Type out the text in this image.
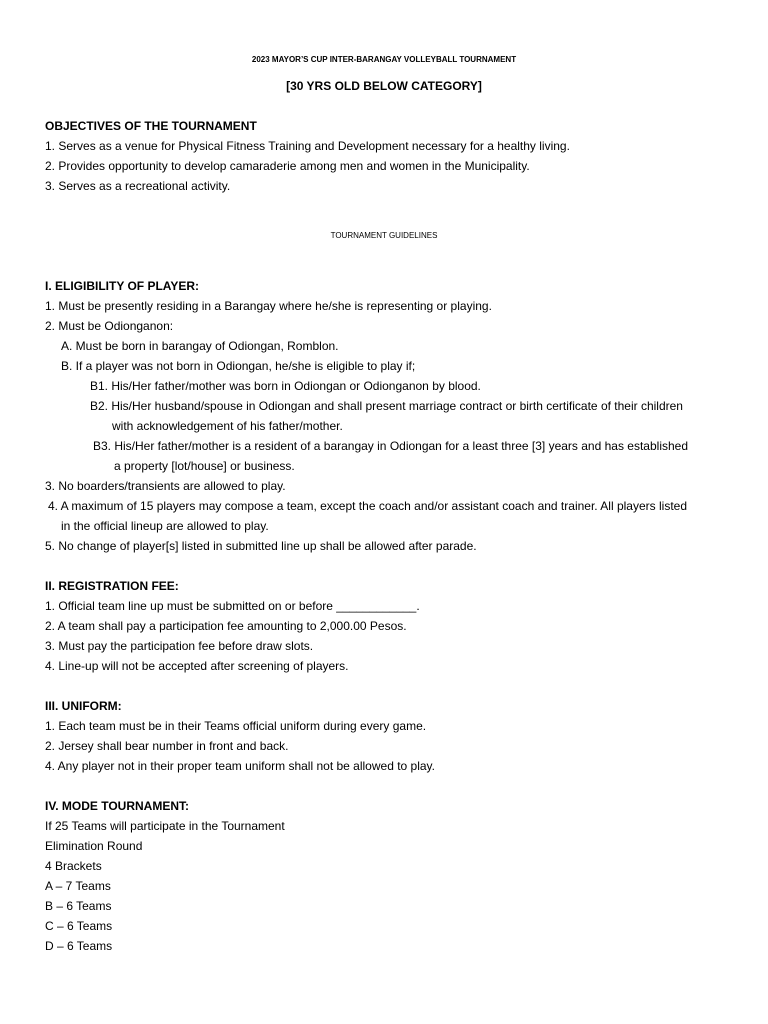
2023 MAYOR’S CUP INTER-BARANGAY VOLLEYBALL TOURNAMENT
[30 YRS OLD BELOW CATEGORY]
OBJECTIVES OF THE TOURNAMENT
1. Serves as a venue for Physical Fitness Training and Development necessary for a healthy living.
2. Provides opportunity to develop camaraderie among men and women in the Municipality.
3. Serves as a recreational activity.
TOURNAMENT GUIDELINES
I. ELIGIBILITY OF PLAYER:
1. Must be presently residing in a Barangay where he/she is representing or playing.
2. Must be Odionganon:
A. Must be born in barangay of Odiongan, Romblon.
B. If a player was not born in Odiongan, he/she is eligible to play if;
B1. His/Her father/mother was born in Odiongan or Odionganon by blood.
B2. His/Her husband/spouse in Odiongan and shall present marriage contract or birth certificate of their children
with acknowledgement of his father/mother.
B3. His/Her father/mother is a resident of a barangay in Odiongan for a least three [3] years and has established
a property [lot/house] or business.
3. No boarders/transients are allowed to play.
4. A maximum of 15 players may compose a team, except the coach and/or assistant coach and trainer. All players listed
in the official lineup are allowed to play.
5. No change of player[s] listed in submitted line up shall be allowed after parade.
II. REGISTRATION FEE:
1. Official team line up must be submitted on or before ____________.
2. A team shall pay a participation fee amounting to 2,000.00 Pesos.
3. Must pay the participation fee before draw slots.
4. Line-up will not be accepted after screening of players.
III. UNIFORM:
1. Each team must be in their Teams official uniform during every game.
2. Jersey shall bear number in front and back.
4. Any player not in their proper team uniform shall not be allowed to play.
IV. MODE TOURNAMENT:
If 25 Teams will participate in the Tournament
Elimination Round
4 Brackets
A – 7 Teams
B – 6 Teams
C – 6 Teams
D – 6 Teams
